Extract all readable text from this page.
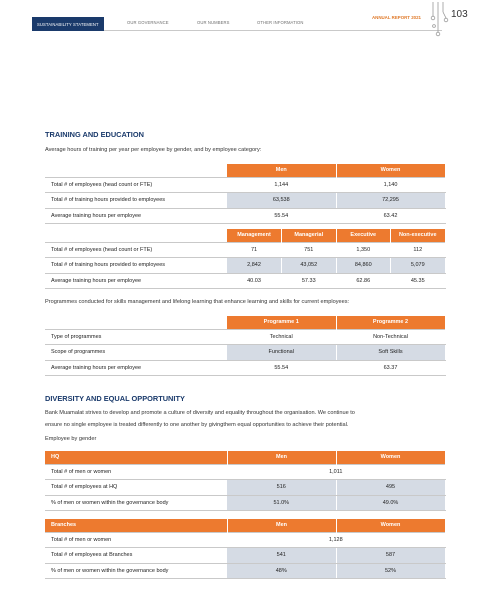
SUSTAINABILITY STATEMENT	OUR GOVERNANCE	OUR NUMBERS	OTHER INFORMATION
ANNUAL REPORT 2021	103
TRAINING AND EDUCATION
Average hours of training per year per employee by gender, and by employee category:
	Men	Women
Total # of employees (head count or FTE)	1,144	1,140
Total # of training hours provided to employees	63,538	72,295
Average training hours per employee	55.54	63.42
	Management	Managerial	Executive	Non-executive
Total # of employees (head count or FTE)	71	751	1,350	112
Total # of training hours provided to employees	2,842	43,052	84,860	5,079
Average training hours per employee	40.03	57.33	62.86	45.35
Programmes conducted for skills management and lifelong learning that enhance learning and skills for current employees:
	Programme 1	Programme 2
Type of programmes	Technical	Non-Technical
Scope of programmes	Functional	Soft Skills
Average training hours per employee	55.54	63.37
DIVERSITY AND EQUAL OPPORTUNITY
Bank Muamalat strives to develop and promote a culture of diversity and equality throughout the organisation. We continue to
ensure no single employee is treated differently to one another by givingthem equal opportunities to achieve their potential.
Employee by gender
HQ	Men	Women
Total # of men or women	1,011	
Total # of employees at HQ	516	495
% of men or women within the governance body	51.0%	49.0%
Branches	Men	Women
Total # of men or women	1,128	
Total # of employees at Branches	541	587
% of men or women within the governance body	48%	52%
